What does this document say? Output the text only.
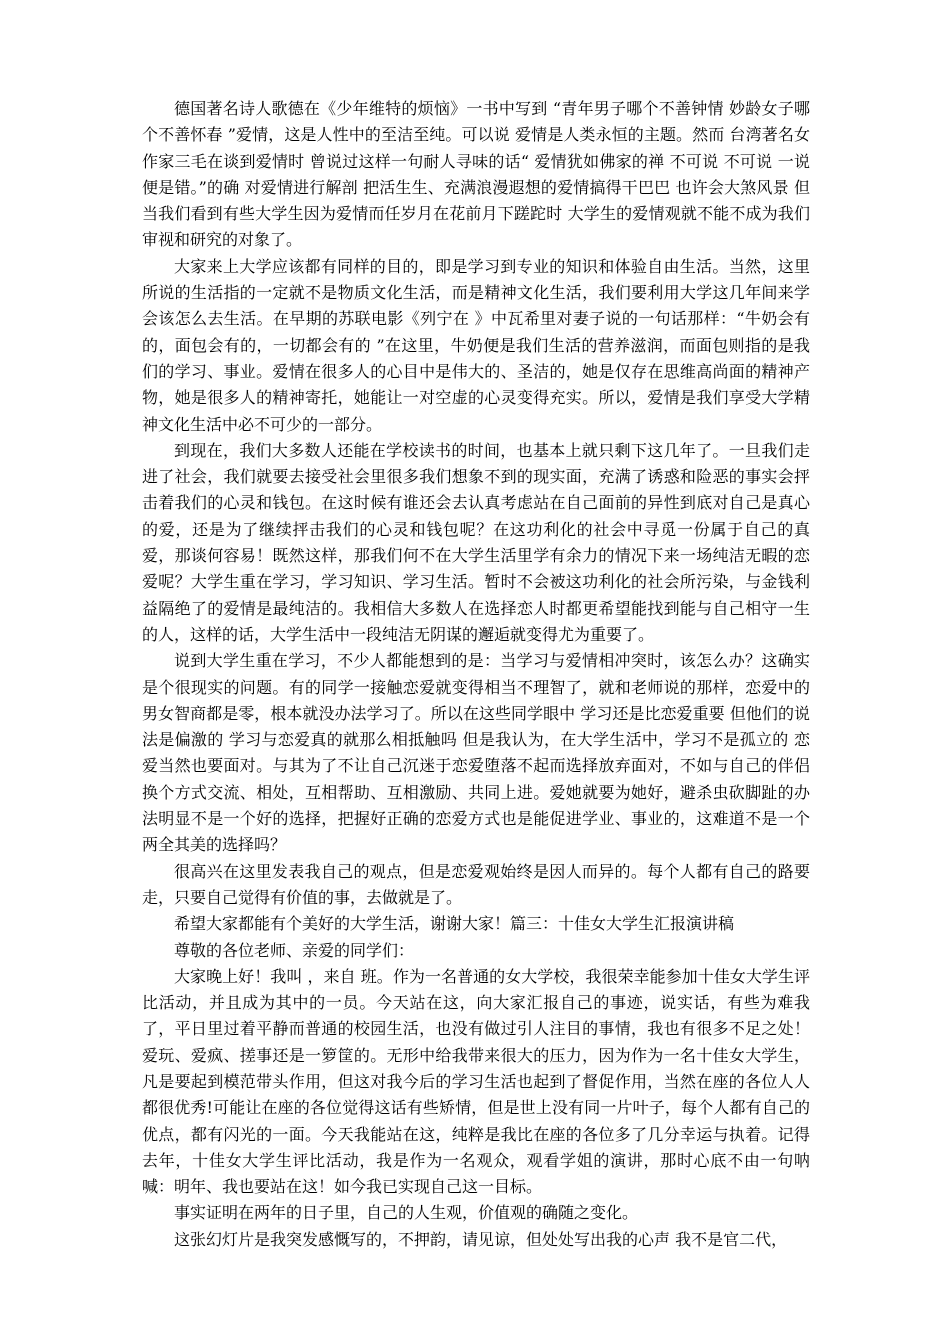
德国著名诗人歌德在《少年维特的烦恼》一书中写到 “青年男子哪个不善钟情 妙龄女子哪个不善怀春 ”爱情，这是人性中的至洁至纯。可以说 爱情是人类永恒的主题。然而 台湾著名女作家三毛在谈到爱情时 曾说过这样一句耐人寻味的话“ 爱情犹如佛家的禅 不可说 不可说 一说便是错。”的确 对爱情进行解剖 把活生生、充满浪漫遐想的爱情搞得干巴巴 也许会大煞风景 但当我们看到有些大学生因为爱情而任岁月在花前月下蹉跎时 大学生的爱情观就不能不成为我们审视和研究的对象了。

大家来上大学应该都有同样的目的，即是学习到专业的知识和体验自由生活。当然，这里所说的生活指的一定就不是物质文化生活，而是精神文化生活，我们要利用大学这几年间来学会该怎么去生活。在早期的苏联电影《列宁在 》中瓦希里对妻子说的一句话那样：“牛奶会有的，面包会有的，一切都会有的 ”在这里，牛奶便是我们生活的营养滋润，而面包则指的是我们的学习、事业。爱情在很多人的心目中是伟大的、圣洁的，她是仅存在思维高尚面的精神产物，她是很多人的精神寄托，她能让一对空虚的心灵变得充实。所以，爱情是我们享受大学精神文化生活中必不可少的一部分。

到现在，我们大多数人还能在学校读书的时间，也基本上就只剩下这几年了。一旦我们走进了社会，我们就要去接受社会里很多我们想象不到的现实面，充满了诱惑和险恶的事实会抨击着我们的心灵和钱包。在这时候有谁还会去认真考虑站在自己面前的异性到底对自己是真心的爱，还是为了继续抨击我们的心灵和钱包呢？在这功利化的社会中寻觅一份属于自己的真爱，那谈何容易！既然这样，那我们何不在大学生活里学有余力的情况下来一场纯洁无暇的恋爱呢？大学生重在学习，学习知识、学习生活。暂时不会被这功利化的社会所污染，与金钱利益隔绝了的爱情是最纯洁的。我相信大多数人在选择恋人时都更希望能找到能与自己相守一生的人，这样的话，大学生活中一段纯洁无阴谋的邂逅就变得尤为重要了。

说到大学生重在学习，不少人都能想到的是：当学习与爱情相冲突时，该怎么办？这确实是个很现实的问题。有的同学一接触恋爱就变得相当不理智了，就和老师说的那样，恋爱中的男女智商都是零，根本就没办法学习了。所以在这些同学眼中 学习还是比恋爱重要 但他们的说法是偏激的 学习与恋爱真的就那么相抵触吗 但是我认为，在大学生活中，学习不是孤立的 恋爱当然也要面对。与其为了不让自己沉迷于恋爱堕落不起而选择放弃面对，不如与自己的伴侣换个方式交流、相处，互相帮助、互相激励、共同上进。爱她就要为她好，避杀虫砍脚趾的办法明显不是一个好的选择，把握好正确的恋爱方式也是能促进学业、事业的，这难道不是一个两全其美的选择吗？

很高兴在这里发表我自己的观点，但是恋爱观始终是因人而异的。每个人都有自己的路要走，只要自己觉得有价值的事，去做就是了。

希望大家都能有个美好的大学生活，谢谢大家！篇三：十佳女大学生汇报演讲稿

尊敬的各位老师、亲爱的同学们：

大家晚上好！我叫 ，来自 班。作为一名普通的女大学校，我很荣幸能参加十佳女大学生评比活动，并且成为其中的一员。今天站在这，向大家汇报自己的事迹，说实话，有些为难我了，平日里过着平静而普通的校园生活，也没有做过引人注目的事情，我也有很多不足之处！爱玩、爱疯、搓事还是一箩筐的。无形中给我带来很大的压力，因为作为一名十佳女大学生，凡是要起到模范带头作用，但这对我今后的学习生活也起到了督促作用，当然在座的各位人人都很优秀!可能让在座的各位觉得这话有些矫情，但是世上没有同一片叶子，每个人都有自己的优点，都有闪光的一面。今天我能站在这，纯粹是我比在座的各位多了几分幸运与执着。记得去年，十佳女大学生评比活动，我是作为一名观众，观看学姐的演讲，那时心底不由一句呐喊：明年、我也要站在这！如今我已实现自己这一目标。

事实证明在两年的日子里，自己的人生观，价值观的确随之变化。

这张幻灯片是我突发感慨写的，不押韵，请见谅，但处处写出我的心声 我不是官二代，
